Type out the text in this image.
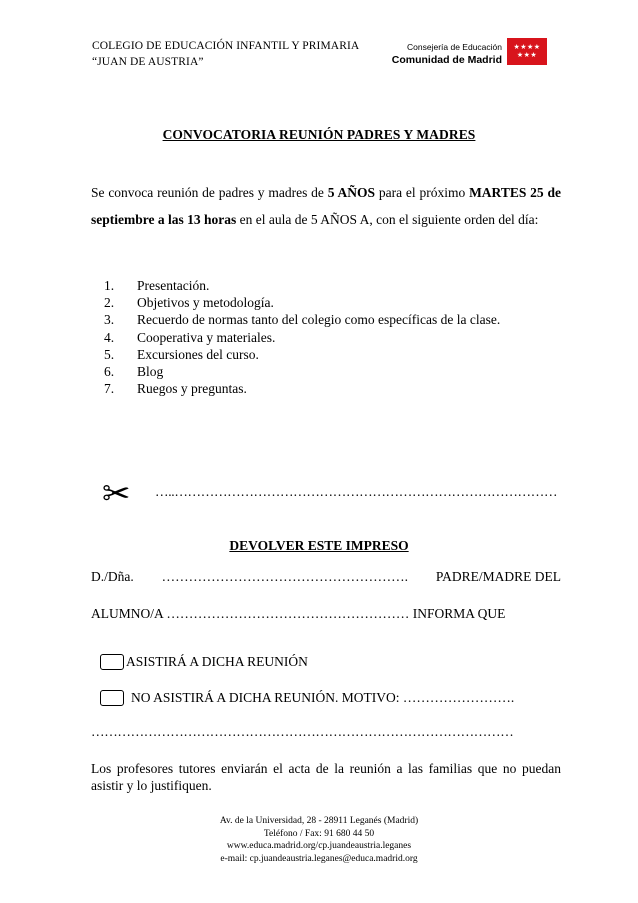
COLEGIO DE EDUCACIÓN INFANTIL Y PRIMARIA
“JUAN DE AUSTRIA”
Consejería de Educación
Comunidad de Madrid
★★★★
★★★
CONVOCATORIA REUNIÓN PADRES Y MADRES

Se convoca reunión de padres y madres de 5 AÑOS para el próximo MARTES 25 de septiembre a las 13 horas en el aula de 5 AÑOS A, con el siguiente orden del día:

1. Presentación.
2. Objetivos y metodología.
3. Recuerdo de normas tanto del colegio como específicas de la clase.
4. Cooperativa y materiales.
5. Excursiones del curso.
6. Blog
7. Ruegos y preguntas.
✂ …..……………………………………………………………………………
DEVOLVER ESTE IMPRESO
D./Dña. ………………………………………………. PADRE/MADRE DEL
ALUMNO/A ……………………………………………… INFORMA QUE
ASISTIRÁ A DICHA REUNIÓN
NO ASISTIRÁ A DICHA REUNIÓN. MOTIVO: …………………….
……………………………………………………………………………………
Los profesores tutores enviarán el acta de la reunión a las familias que no puedan asistir y lo justifiquen.
Av. de la Universidad, 28 - 28911 Leganés (Madrid)
Teléfono / Fax: 91 680 44 50
www.educa.madrid.org/cp.juandeaustria.leganes
e-mail: cp.juandeaustria.leganes@educa.madrid.org
